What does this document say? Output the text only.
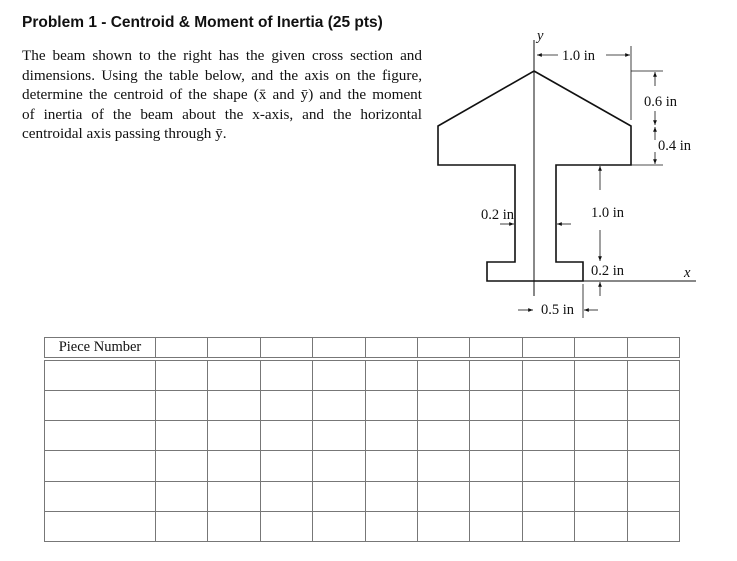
Problem 1 - Centroid & Moment of Inertia (25 pts)
The beam shown to the right has the given cross section and
dimensions. Using the table below, and the axis on the figure,
determine the centroid of the shape (x̄ and ȳ) and the moment
of inertia of the beam about the x-axis, and the horizontal
centroidal axis passing through ȳ.
y
x
1.0 in
0.6 in
0.4 in
0.2 in	1.0 in
0.2 in
0.5 in
Piece Number										
